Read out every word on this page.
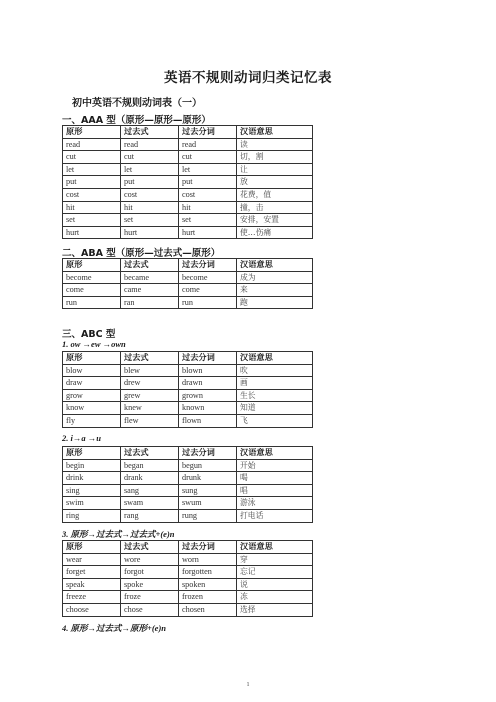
英语不规则动词归类记忆表
初中英语不规则动词表（一）
一、AAA 型（原形—原形—原形）
原形	过去式	过去分词	汉语意思
read	read	read	读
cut	cut	cut	切，割
let	let	let	让
put	put	put	放
cost	cost	cost	花费，值
hit	hit	hit	撞，击
set	set	set	安排，安置
hurt	hurt	hurt	使…伤痛
二、ABA 型（原形—过去式—原形）
原形	过去式	过去分词	汉语意思
become	became	become	成为
come	came	come	来
run	ran	run	跑
三、ABC 型
1. ow →ew →own
原形	过去式	过去分词	汉语意思
blow	blew	blown	吹
draw	drew	drawn	画
grow	grew	grown	生长
know	knew	known	知道
fly	flew	flown	飞
2. i→a →u
原形	过去式	过去分词	汉语意思
begin	began	begun	开始
drink	drank	drunk	喝
sing	sang	sung	唱
swim	swam	swum	游泳
ring	rang	rung	打电话
3. 原形→过去式→过去式+(e)n
原形	过去式	过去分词	汉语意思
wear	wore	worn	穿
forget	forgot	forgotten	忘记
speak	spoke	spoken	说
freeze	froze	frozen	冻
choose	chose	chosen	选择
4. 原形→过去式→原形+(e)n
1
